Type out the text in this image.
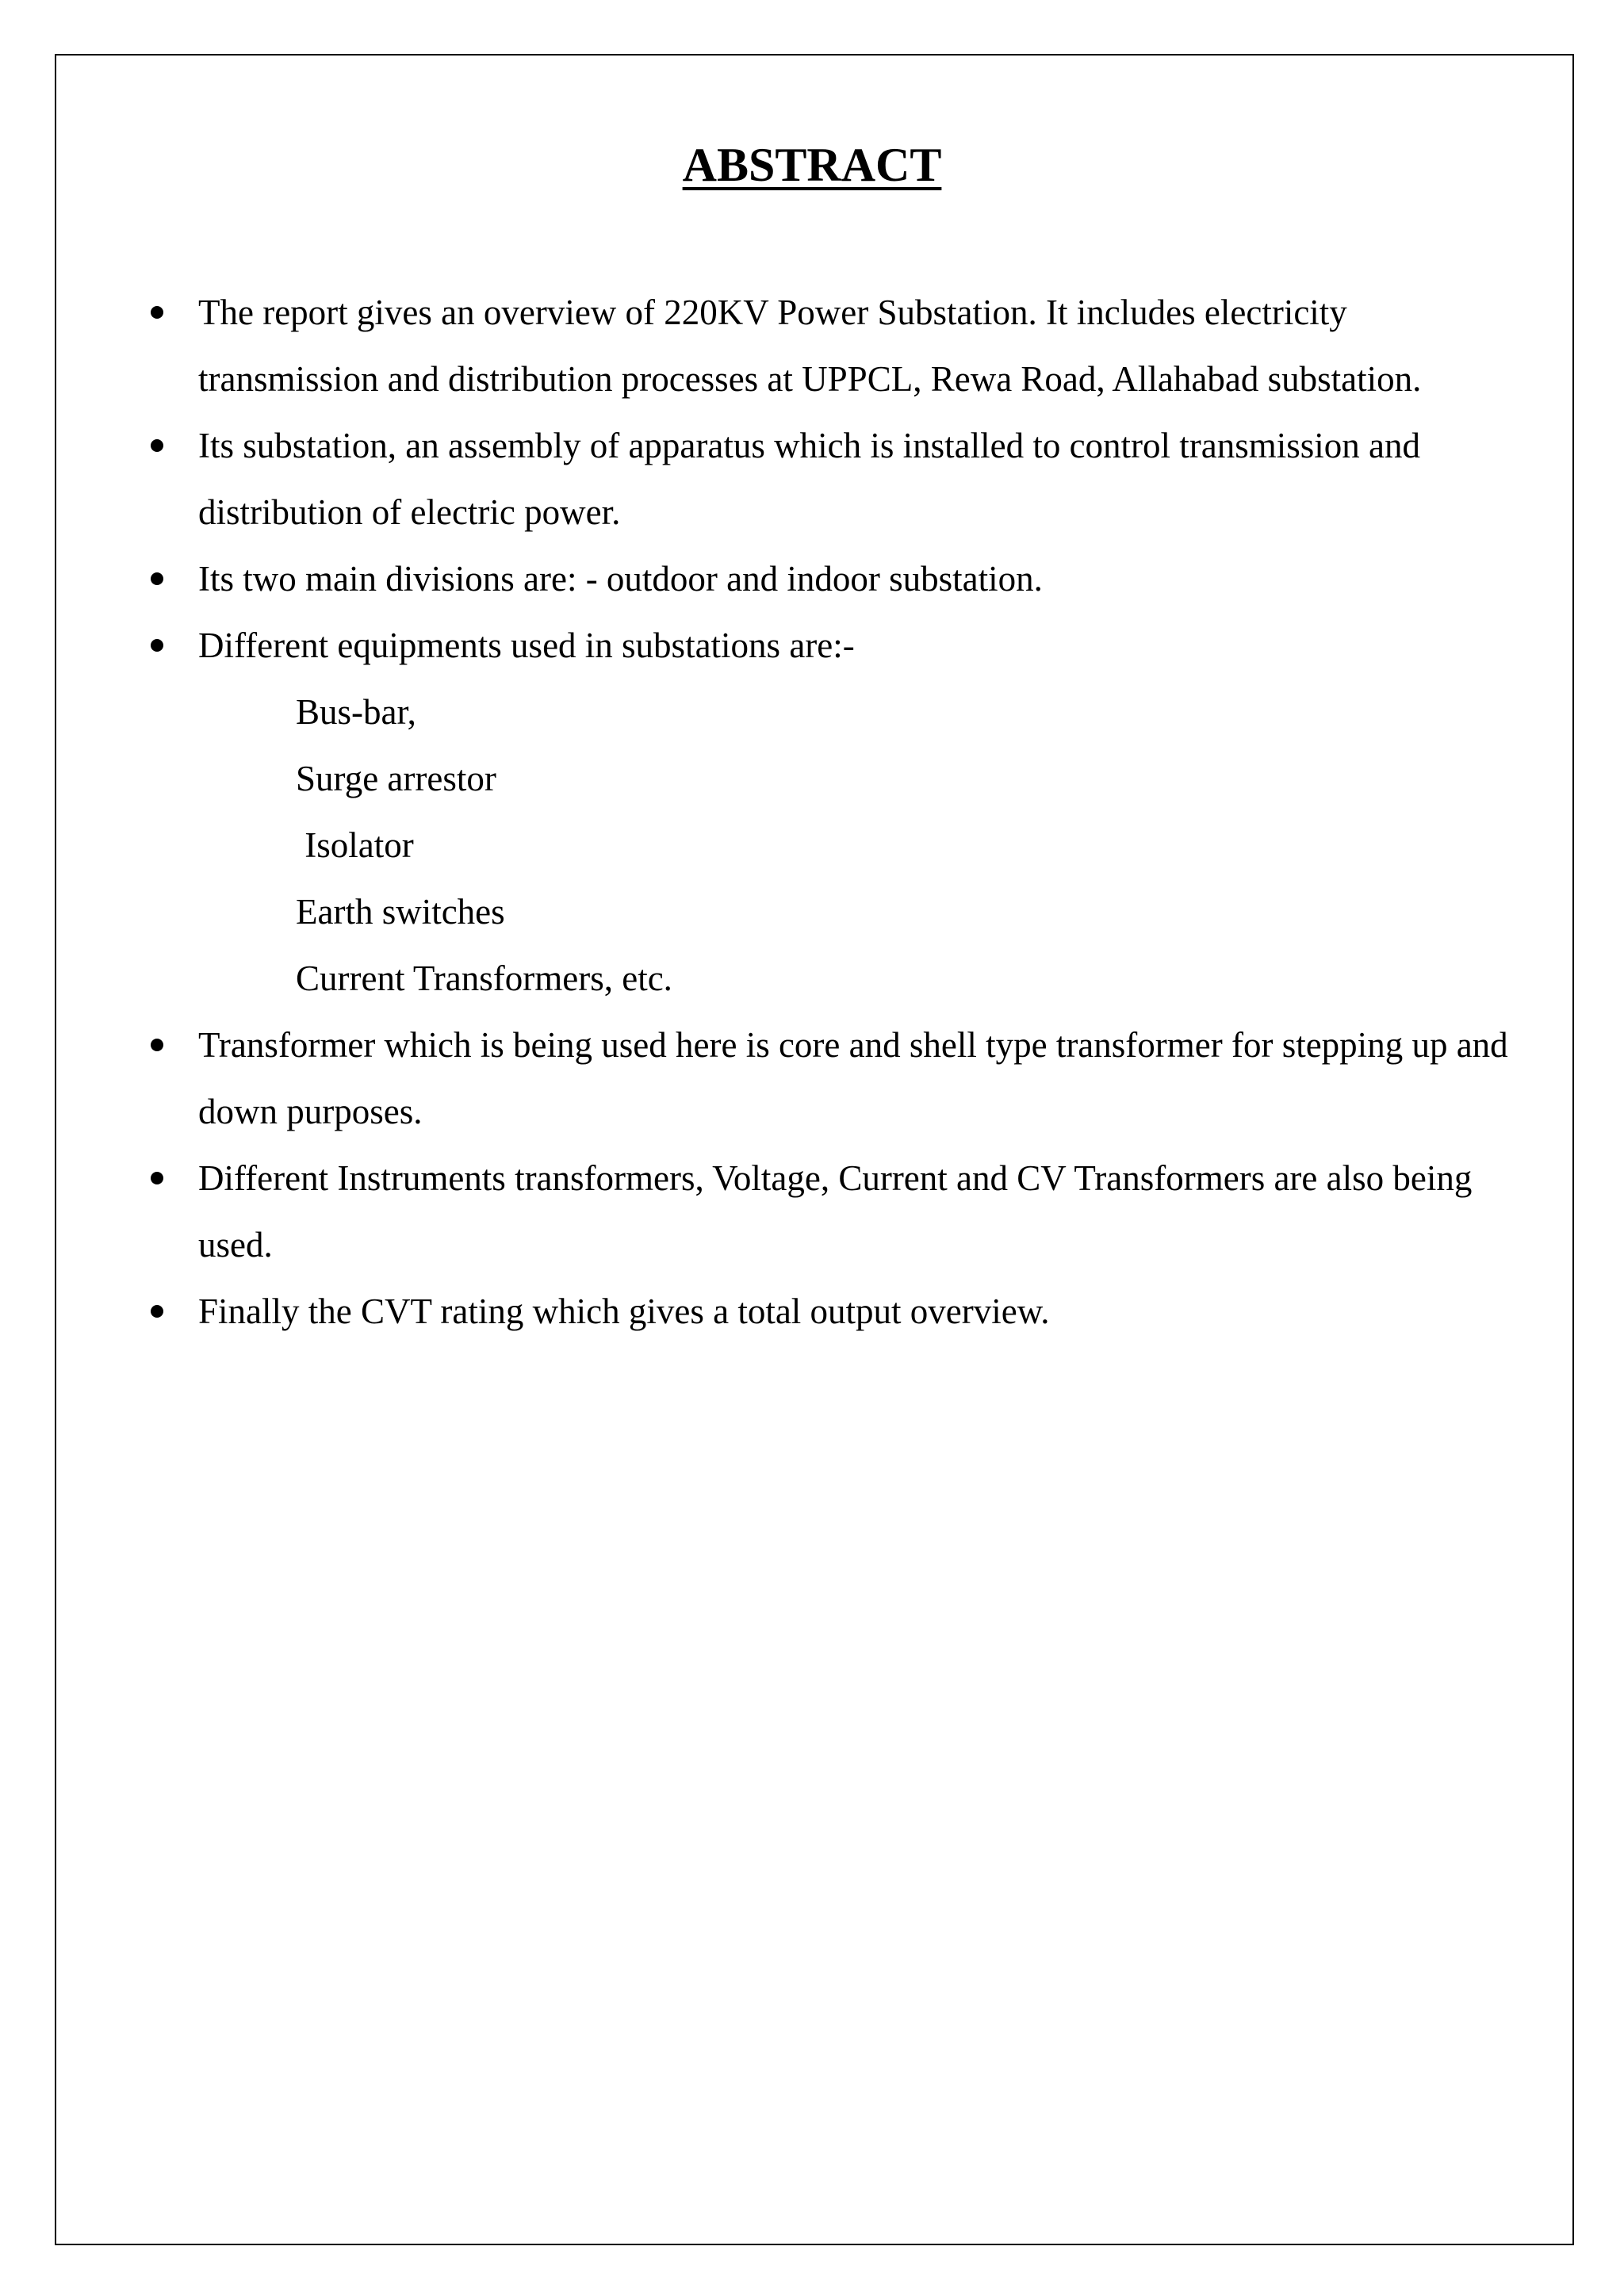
ABSTRACT
The report gives an overview of 220KV Power Substation. It includes electricity transmission and distribution processes at UPPCL, Rewa Road, Allahabad substation.
Its substation, an assembly of apparatus which is installed to control transmission and distribution of electric power.
Its two main divisions are: - outdoor and indoor substation.
Different equipments used in substations are:-
Bus-bar,
Surge arrestor
Isolator
Earth switches
Current Transformers, etc.
Transformer which is being used here is core and shell type transformer for stepping up and down purposes.
Different Instruments transformers, Voltage, Current and CV Transformers are also being used.
Finally the CVT rating which gives a total output overview.
